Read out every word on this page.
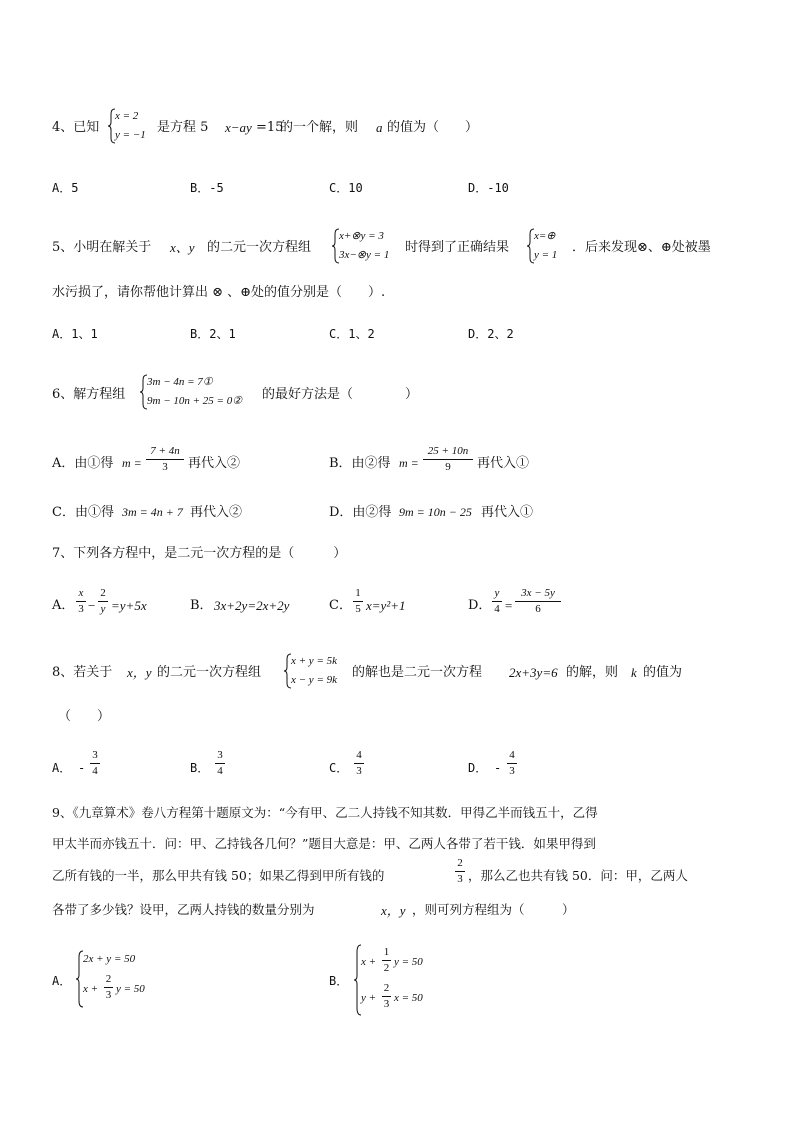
4、已知
x = 2
y = −1 是方程 5 x−ay =15
的一个解，则 a 的值为（　　）
A．5	B．-5	C．10	D．-10
5、小明在解关于 x、y 的二元一次方程组
x+⊗y = 3
3x−⊗y = 1 时得到了正确结果
x=⊕
y = 1 ．后来发现⊗、⊕处被墨
水污损了，请你帮他计算出 ⊗ 、⊕处的值分别是（　　）.
A．1、1	B．2、1	C．1、2	D．2、2
6、解方程组
3m − 4n = 7①
9m − 10n + 25 = 0② 的最好方法是（　　　　）
A．由①得 m =
7 + 4n
3	再代入②	B．由②得 m =
25 + 10n
9	再代入①
C．由①得 3m = 4n + 7 再代入②	D．由②得 9m = 10n − 25 再代入①
7、下列各方程中，是二元一次方程的是（　　　）
A．
x
3 −
2
y =y+5x	B． 3x+2y=2x+2y	C．
1
5 x=y²+1	D．
y
4 =
3x − 5y
6
8、若关于 x，y 的二元一次方程组
x + y = 5k
x − y = 9k 的解也是二元一次方程 2x+3y=6 的解，则 k 的值为
（　　）
A． -
3
4	B．
3
4	C．
4
3	D． -
4
3
9、《九章算术》卷八方程第十题原文为：“今有甲、乙二人持钱不知其数．甲得乙半而钱五十，乙得
甲太半而亦钱五十．问：甲、乙持钱各几何？”题目大意是：甲、乙两人各带了若干钱．如果甲得到
乙所有钱的一半，那么甲共有钱 50；如果乙得到甲所有钱的
2
3 ，那么乙也共有钱 50．问：甲，乙两人
各带了多少钱？设甲，乙两人持钱的数量分别为	x，y ，则可列方程组为（　　　）
A．
2x + y = 50
x +
2
3 y = 50
B．
x +
1
2 y = 50
y +
2
3 x = 50
